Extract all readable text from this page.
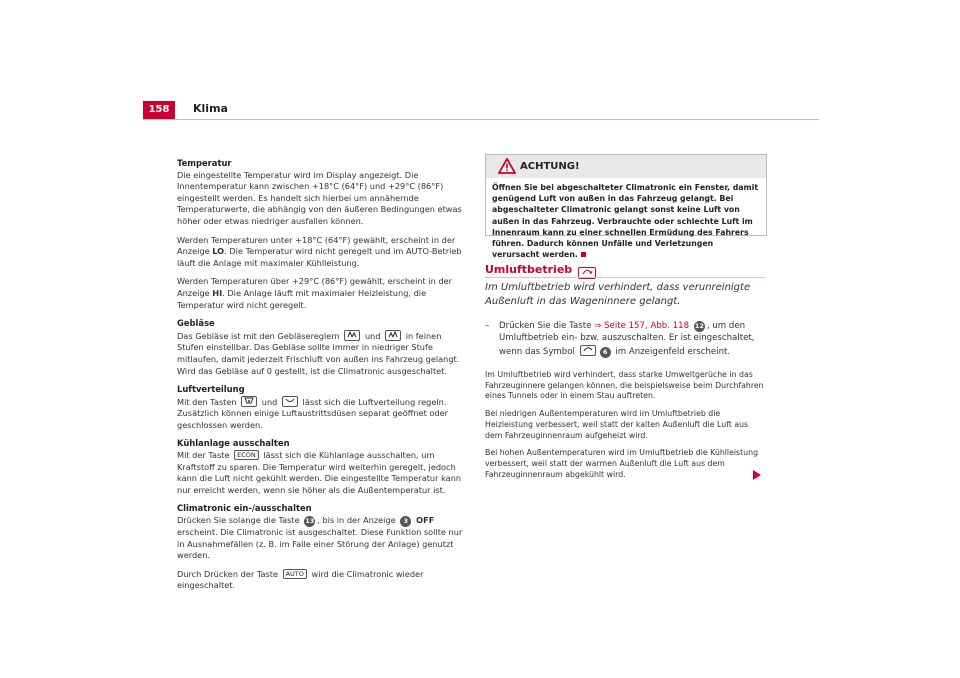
158	Klima
Temperatur

Die eingestellte Temperatur wird im Display angezeigt. Die Innentemperatur kann zwischen +18°C (64°F) und +29°C (86°F) eingestellt werden. Es handelt sich hierbei um annähernde Temperaturwerte, die abhängig von den äußeren Bedingungen etwas höher oder etwas niedriger ausfallen können.

Werden Temperaturen unter +18°C (64°F) gewählt, erscheint in der Anzeige LO. Die Temperatur wird nicht geregelt und im AUTO-Betrieb läuft die Anlage mit maximaler Kühlleistung.

Werden Temperaturen über +29°C (86°F) gewählt, erscheint in der Anzeige HI. Die Anlage läuft mit maximaler Heizleistung, die Temperatur wird nicht geregelt.

Gebläse

Das Gebläse ist mit den Gebläsereglern  und  in feinen Stufen einstellbar. Das Gebläse sollte immer in niedriger Stufe mitlaufen, damit jederzeit Frischluft von außen ins Fahrzeug gelangt. Wird das Gebläse auf 0 gestellt, ist die Climatronic ausgeschaltet.

Luftverteilung

Mit den Tasten  und  lässt sich die Luftverteilung regeln. Zusätzlich können einige Luftaustrittsdüsen separat geöffnet oder geschlossen werden.

Kühlanlage ausschalten

Mit der Taste ECON lässt sich die Kühlanlage ausschalten, um Kraftstoff zu sparen. Die Temperatur wird weiterhin geregelt, jedoch kann die Luft nicht gekühlt werden. Die eingestellte Temperatur kann nur erreicht werden, wenn sie höher als die Außentemperatur ist.

Climatronic ein-/ausschalten

Drücken Sie solange die Taste 13 , bis in der Anzeige 3 OFF erscheint. Die Climatronic ist ausgeschaltet. Diese Funktion sollte nur in Ausnahmefällen (z. B. im Falle einer Störung der Anlage) genutzt werden.

Durch Drücken der Taste AUTO wird die Climatronic wieder eingeschaltet.

ACHTUNG!
Öffnen Sie bei abgeschalteter Climatronic ein Fenster, damit genügend Luft von außen in das Fahrzeug gelangt. Bei abgeschalteter Climatronic gelangt sonst keine Luft von außen in das Fahrzeug. Verbrauchte oder schlechte Luft im Innenraum kann zu einer schnellen Ermüdung des Fahrers führen. Dadurch können Unfälle und Verletzungen verursacht werden.
Umluftbetrieb
Im Umluftbetrieb wird verhindert, dass verunreinigte Außenluft in das Wageninnere gelangt.
– Drücken Sie die Taste ⇒ Seite 157, Abb. 118 12 , um den Umluftbetrieb ein- bzw. auszuschalten. Er ist eingeschaltet, wenn das Symbol	6 im Anzeigenfeld erscheint.

Im Umluftbetrieb wird verhindert, dass starke Umweltgerüche in das Fahrzeuginnere gelangen können, die beispielsweise beim Durchfahren eines Tunnels oder in einem Stau auftreten.

Bei niedrigen Außentemperaturen wird im Umluftbetrieb die Heizleistung verbessert, weil statt der kalten Außenluft die Luft aus dem Fahrzeuginnenraum aufgeheizt wird.

Bei hohen Außentemperaturen wird im Umluftbetrieb die Kühlleistung verbessert, weil statt der warmen Außenluft die Luft aus dem Fahrzeuginnenraum abgekühlt wird.
